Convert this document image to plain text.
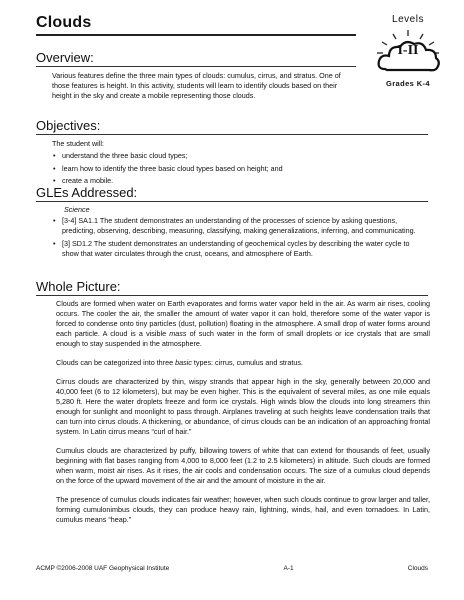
Clouds	Levels
I-II
Grades K-4
Overview:
Various features define the three main types of clouds: cumulus, cirrus, and stratus. One of those features is height. In this activity, students will learn to identify clouds based on their height in the sky and create a mobile representing those clouds.
Objectives:
The student will:
• understand the three basic cloud types;
• learn how to identify the three basic cloud types based on height; and
• create a mobile.
GLEs Addressed:
Science
• [3-4] SA1.1 The student demonstrates an understanding of the processes of science by asking questions, predicting, observing, describing, measuring, classifying, making generalizations, inferring, and communicating.
• [3] SD1.2 The student demonstrates an understanding of geochemical cycles by describing the water cycle to show that water circulates through the crust, oceans, and atmosphere of Earth.
Whole Picture:

Clouds are formed when water on Earth evaporates and forms water vapor held in the air. As warm air rises, cooling occurs. The cooler the air, the smaller the amount of water vapor it can hold, therefore some of the water vapor is forced to condense onto tiny particles (dust, pollution) floating in the atmosphere. A small drop of water forms around each particle. A cloud is a visible mass of such water in the form of small droplets or ice crystals that are small enough to stay suspended in the atmosphere.

Clouds can be categorized into three basic types: cirrus, cumulus and stratus.

Cirrus clouds are characterized by thin, wispy strands that appear high in the sky, generally between 20,000 and 40,000 feet (6 to 12 kilometers), but may be even higher. This is the equivalent of several miles, as one mile equals 5,280 ft. Here the water droplets freeze and form ice crystals. High winds blow the clouds into long streamers thin enough for sunlight and moonlight to pass through. Airplanes traveling at such heights leave condensation trails that can turn into cirrus clouds. A thickening, or abundance, of cirrus clouds can be an indication of an approaching frontal system. In Latin cirrus means “curl of hair.”

Cumulus clouds are characterized by puffy, billowing towers of white that can extend for thousands of feet, usually beginning with flat bases ranging from 4,000 to 8,000 feet (1.2 to 2.5 kilometers) in altitude. Such clouds are formed when warm, moist air rises. As it rises, the air cools and condensation occurs. The size of a cumulus cloud depends on the force of the upward movement of the air and the amount of moisture in the air.

The presence of cumulus clouds indicates fair weather; however, when such clouds continue to grow larger and taller, forming cumulonimbus clouds, they can produce heavy rain, lightning, winds, hail, and even tornadoes. In Latin, cumulus means “heap.”

ACMP ©2006-2008 UAF Geophysical Institute	A-1	Clouds
